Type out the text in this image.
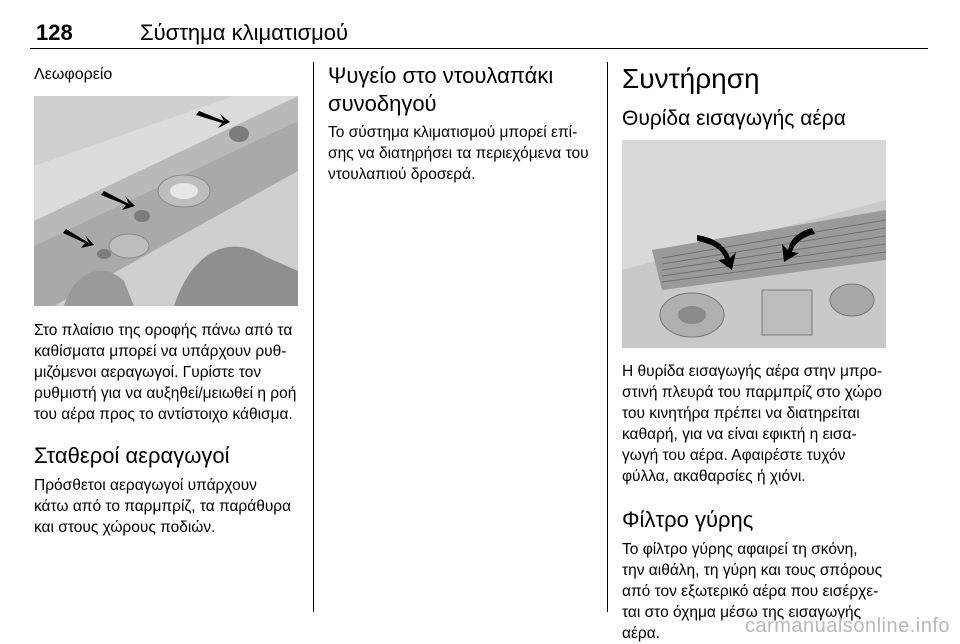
128	Σύστημα κλιματισμού

Λεωφορείο

Στο πλαίσιο της οροφής πάνω από τα

καθίσματα μπορεί να υπάρχουν ρυθ-

μιζόμενοι αεραγωγοί. Γυρίστε τον

ρυθμιστή για να αυξηθεί/μειωθεί η ροή

του αέρα προς το αντίστοιχο κάθισμα.

Σταθεροί αεραγωγοί

Πρόσθετοι αεραγωγοί υπάρχουν

κάτω από το παρμπρίζ, τα παράθυρα

και στους χώρους ποδιών.

Ψυγείο στο ντουλαπάκι
συνοδηγού

Το σύστημα κλιματισμού μπορεί επί-

σης να διατηρήσει τα περιεχόμενα του

ντουλαπιού δροσερά.

Συντήρηση
Θυρίδα εισαγωγής αέρα

Η θυρίδα εισαγωγής αέρα στην μπρο-

στινή πλευρά του παρμπρίζ στο χώρο

του κινητήρα πρέπει να διατηρείται

καθαρή, για να είναι εφικτή η εισα-

γωγή του αέρα. Αφαιρέστε τυχόν

φύλλα, ακαθαρσίες ή χιόνι.

Φίλτρο γύρης

Το φίλτρο γύρης αφαιρεί τη σκόνη,

την αιθάλη, τη γύρη και τους σπόρους

από τον εξωτερικό αέρα που εισέρχε-

ται στο όχημα μέσω της εισαγωγής

αέρα.	carmanualsonline.info
